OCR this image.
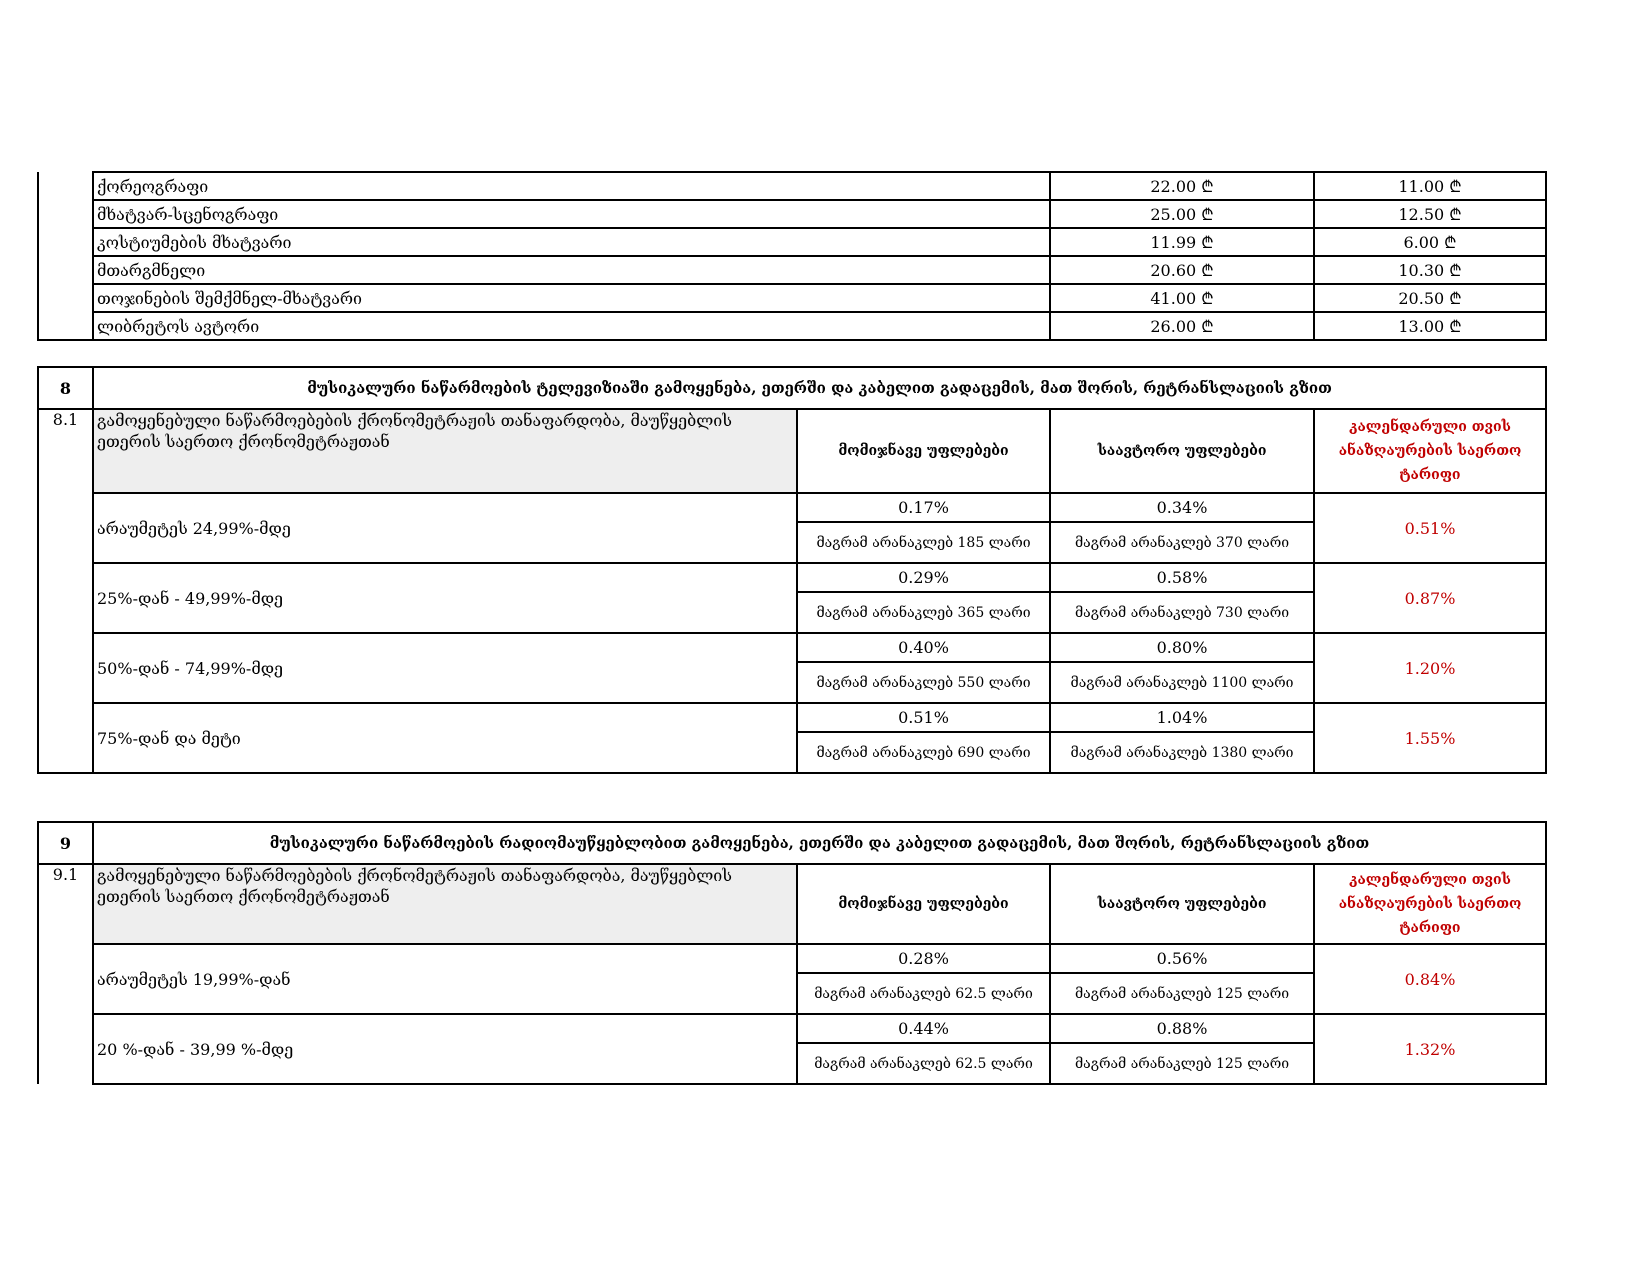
	ქორეოგრაფი	22.00 ₾	11.00 ₾
	მხატვარ-სცენოგრაფი	25.00 ₾	12.50 ₾
	კოსტიუმების მხატვარი	11.99 ₾	6.00 ₾
	მთარგმნელი	20.60 ₾	10.30 ₾
	თოჯინების შემქმნელ-მხატვარი	41.00 ₾	20.50 ₾
	ლიბრეტოს ავტორი	26.00 ₾	13.00 ₾
8	მუსიკალური ნაწარმოების ტელევიზიაში გამოყენება, ეთერში და კაბელით გადაცემის, მათ შორის, რეტრანსლაციის გზით			
8.1	გამოყენებული ნაწარმოებების ქრონომეტრაჟის თანაფარდობა, მაუწყებლის ეთერის საერთო ქრონომეტრაჟთან	მომიჯნავე უფლებები	საავტორო უფლებები	კალენდარული თვის ანაზღაურების საერთო ტარიფი
	არაუმეტეს 24,99%-მდე	0.17%	0.34%	0.51%
		მაგრამ არანაკლებ 185 ლარი	მაგრამ არანაკლებ 370 ლარი	
	25%-დან - 49,99%-მდე	0.29%	0.58%	0.87%
		მაგრამ არანაკლებ 365 ლარი	მაგრამ არანაკლებ 730 ლარი	
	50%-დან - 74,99%-მდე	0.40%	0.80%	1.20%
		მაგრამ არანაკლებ 550 ლარი	მაგრამ არანაკლებ 1100 ლარი	
	75%-დან და მეტი	0.51%	1.04%	1.55%
		მაგრამ არანაკლებ 690 ლარი	მაგრამ არანაკლებ 1380 ლარი	
9	მუსიკალური ნაწარმოების რადიომაუწყებლობით გამოყენება, ეთერში და კაბელით გადაცემის, მათ შორის, რეტრანსლაციის გზით			
9.1	გამოყენებული ნაწარმოებების ქრონომეტრაჟის თანაფარდობა, მაუწყებლის ეთერის საერთო ქრონომეტრაჟთან	მომიჯნავე უფლებები	საავტორო უფლებები	კალენდარული თვის ანაზღაურების საერთო ტარიფი
	არაუმეტეს 19,99%-დან	0.28%	0.56%	0.84%
		მაგრამ არანაკლებ 62.5 ლარი	მაგრამ არანაკლებ 125 ლარი	
	20 %-დან - 39,99 %-მდე	0.44%	0.88%	1.32%
		მაგრამ არანაკლებ 62.5 ლარი	მაგრამ არანაკლებ 125 ლარი	
